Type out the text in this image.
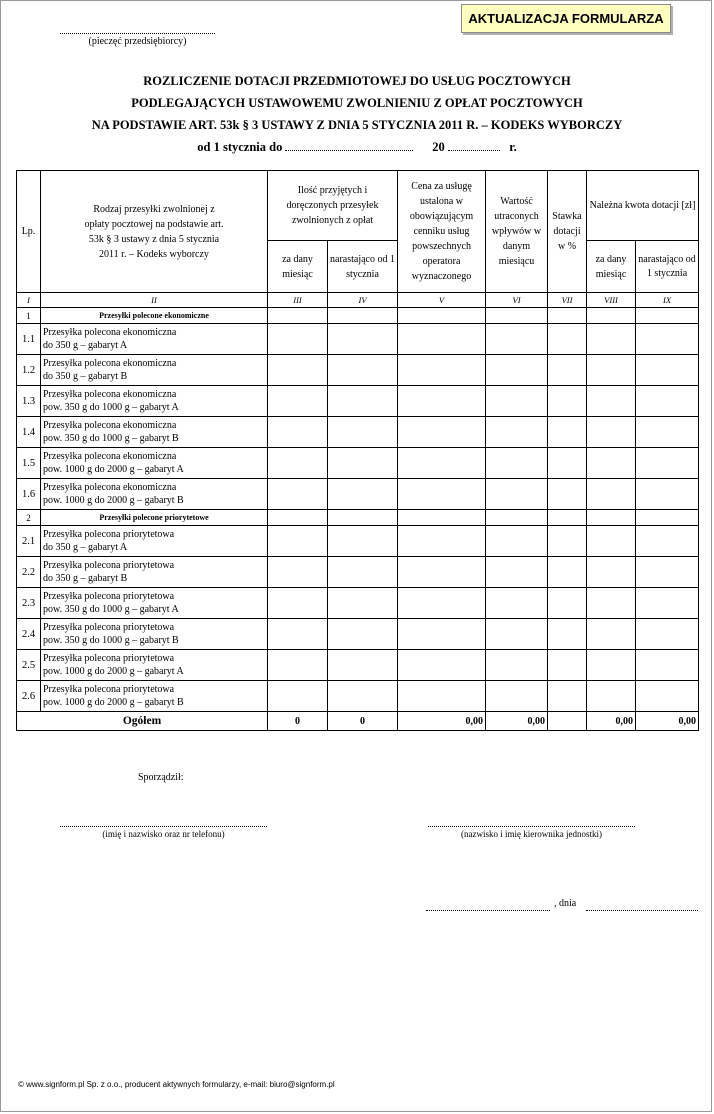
AKTUALIZACJA FORMULARZA
(pieczęć przedsiębiorcy)
ROZLICZENIE DOTACJI PRZEDMIOTOWEJ DO USŁUG POCZTOWYCH
PODLEGAJĄCYCH USTAWOWEMU ZWOLNIENIU Z OPŁAT POCZTOWYCH
NA PODSTAWIE ART. 53k § 3 USTAWY Z DNIA 5 STYCZNIA 2011 R. – KODEKS WYBORCZY
od 1 stycznia do	20	r.
Lp.	Rodzaj przesyłki zwolnionej z opłaty pocztowej na podstawie art. 53k § 3 ustawy z dnia 5 stycznia 2011 r. – Kodeks wyborczy	Ilość przyjętych i doręczonych przesyłek zwolnionych z opłat		Cena za usługę ustalona w obowiązującym cenniku usług powszechnych operatora wyznaczonego	Wartość utraconych wpływów w danym miesiącu	Stawka dotacji w %	Należna kwota dotacji [zł]	
		za dany miesiąc	narastająco od 1 stycznia				za dany miesiąc	narastająco od 1 stycznia
I	II	III	IV	V	VI	VII	VIII	IX
1	Przesyłki polecone ekonomiczne							
1.1	Przesyłka polecona ekonomiczna
do 350 g – gabaryt A							

1.2	Przesyłka polecona ekonomiczna
do 350 g – gabaryt B							

1.3	Przesyłka polecona ekonomiczna
pow. 350 g do 1000 g – gabaryt A							

1.4	Przesyłka polecona ekonomiczna
pow. 350 g do 1000 g – gabaryt B							

1.5	Przesyłka polecona ekonomiczna
pow. 1000 g do 2000 g – gabaryt A							

1.6	Przesyłka polecona ekonomiczna
pow. 1000 g do 2000 g – gabaryt B							

2	Przesyłki polecone priorytetowe							
2.1	Przesyłka polecona priorytetowa
do 350 g – gabaryt A							

2.2	Przesyłka polecona priorytetowa
do 350 g – gabaryt B							

2.3	Przesyłka polecona priorytetowa
pow. 350 g do 1000 g – gabaryt A							

2.4	Przesyłka polecona priorytetowa
pow. 350 g do 1000 g – gabaryt B							

2.5	Przesyłka polecona priorytetowa
pow. 1000 g do 2000 g – gabaryt A							

2.6	Przesyłka polecona priorytetowa
pow. 1000 g do 2000 g – gabaryt B							

Ogółem		0	0	0,00	0,00		0,00	0,00
Sporządził:
(imię i nazwisko oraz nr telefonu)	(nazwisko i imię kierownika jednostki)
, dnia
© www.signform.pl Sp. z o.o., producent aktywnych formularzy, e-mail: biuro@signform.pl
